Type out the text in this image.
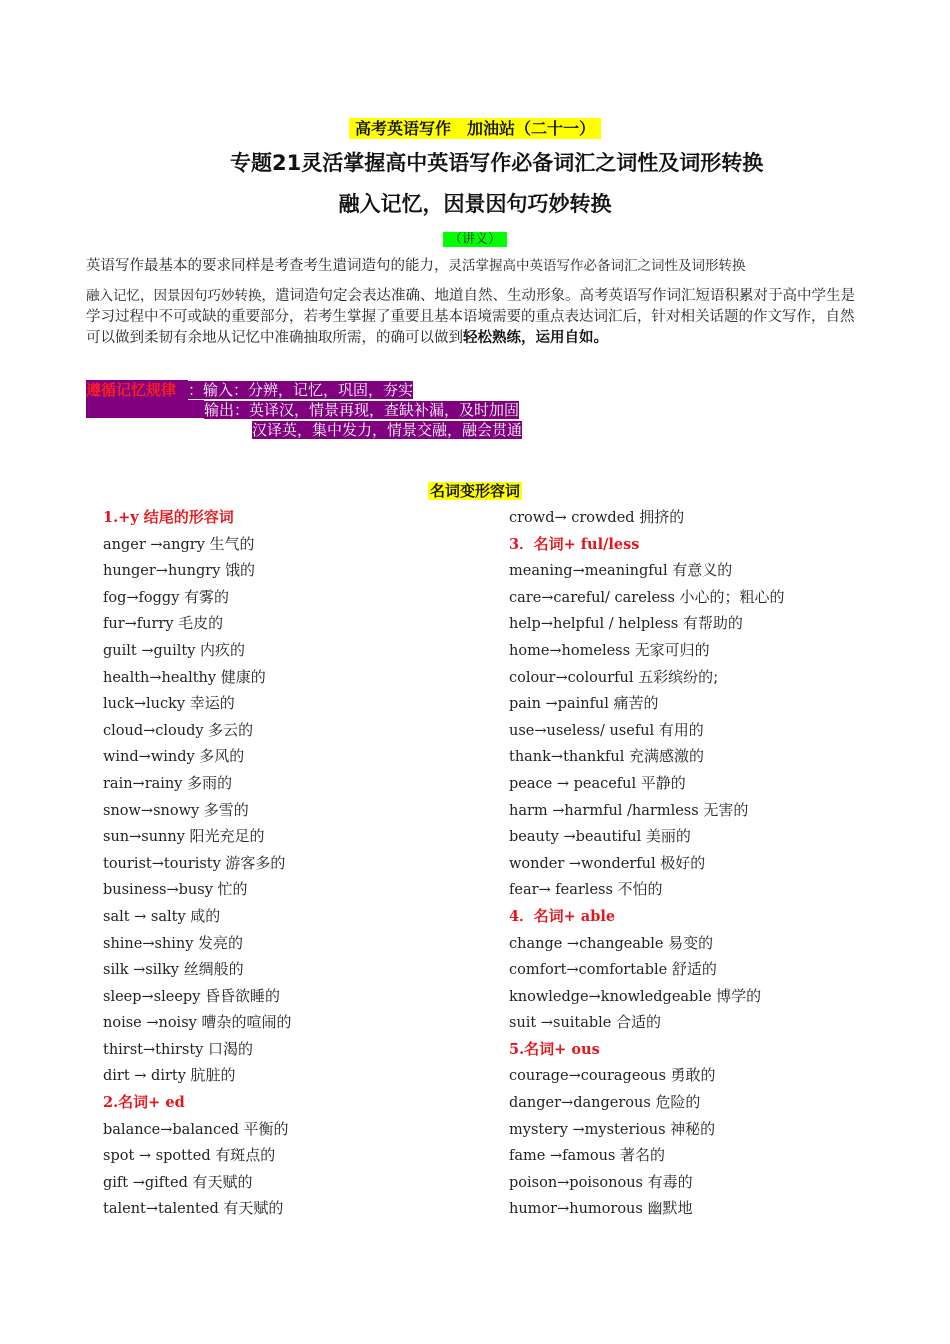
高考英语写作　加油站（二十一）
专题21灵活掌握高中英语写作必备词汇之词性及词形转换
融入记忆，因景因句巧妙转换
（讲义）
英语写作最基本的要求同样是考查考生遣词造句的能力，灵活掌握高中英语写作必备词汇之词性及词形转换
融入记忆，因景因句巧妙转换，遣词造句定会表达准确、地道自然、生动形象。高考英语写作词汇短语积累对于高中学生是学习过程中不可或缺的重要部分，若考生掌握了重要且基本语境需要的重点表达词汇后，针对相关话题的作文写作，自然可以做到柔韧有余地从记忆中准确抽取所需，的确可以做到轻松熟练，运用自如。
遵循记忆规律 ：输入：分辨，记忆，巩固，夯实
输出：英译汉，情景再现，查缺补漏，及时加固
汉译英，集中发力，情景交融，融会贯通
名词变形容词
1.+y 结尾的形容词
anger →angry 生气的
hunger→hungry 饿的
fog→foggy 有雾的
fur→furry 毛皮的
guilt →guilty 内疚的
health→healthy 健康的
luck→lucky 幸运的
cloud→cloudy 多云的
wind→windy 多风的
rain→rainy 多雨的
snow→snowy 多雪的
sun→sunny 阳光充足的
tourist→touristy 游客多的
business→busy 忙的
salt → salty 咸的
shine→shiny 发亮的
silk →silky 丝绸般的
sleep→sleepy 昏昏欲睡的
noise →noisy 嘈杂的喧闹的
thirst→thirsty 口渴的
dirt → dirty 肮脏的
2.名词+ ed
balance→balanced 平衡的
spot → spotted 有斑点的
gift →gifted 有天赋的
talent→talented 有天赋的
crowd→ crowded 拥挤的
3．名词+ ful/less
meaning→meaningful 有意义的
care→careful/ careless 小心的；粗心的
help→helpful / helpless 有帮助的
home→homeless 无家可归的
colour→colourful 五彩缤纷的;
pain →painful 痛苦的
use→useless/ useful 有用的
thank→thankful 充满感激的
peace → peaceful 平静的
harm →harmful /harmless 无害的
beauty →beautiful 美丽的
wonder →wonderful 极好的
fear→ fearless 不怕的
4．名词+ able
change →changeable 易变的
comfort→comfortable 舒适的
knowledge→knowledgeable 博学的
suit →suitable 合适的
5.名词+ ous
courage→courageous 勇敢的
danger→dangerous 危险的
mystery →mysterious 神秘的
fame →famous 著名的
poison→poisonous 有毒的
humor→humorous 幽默地
